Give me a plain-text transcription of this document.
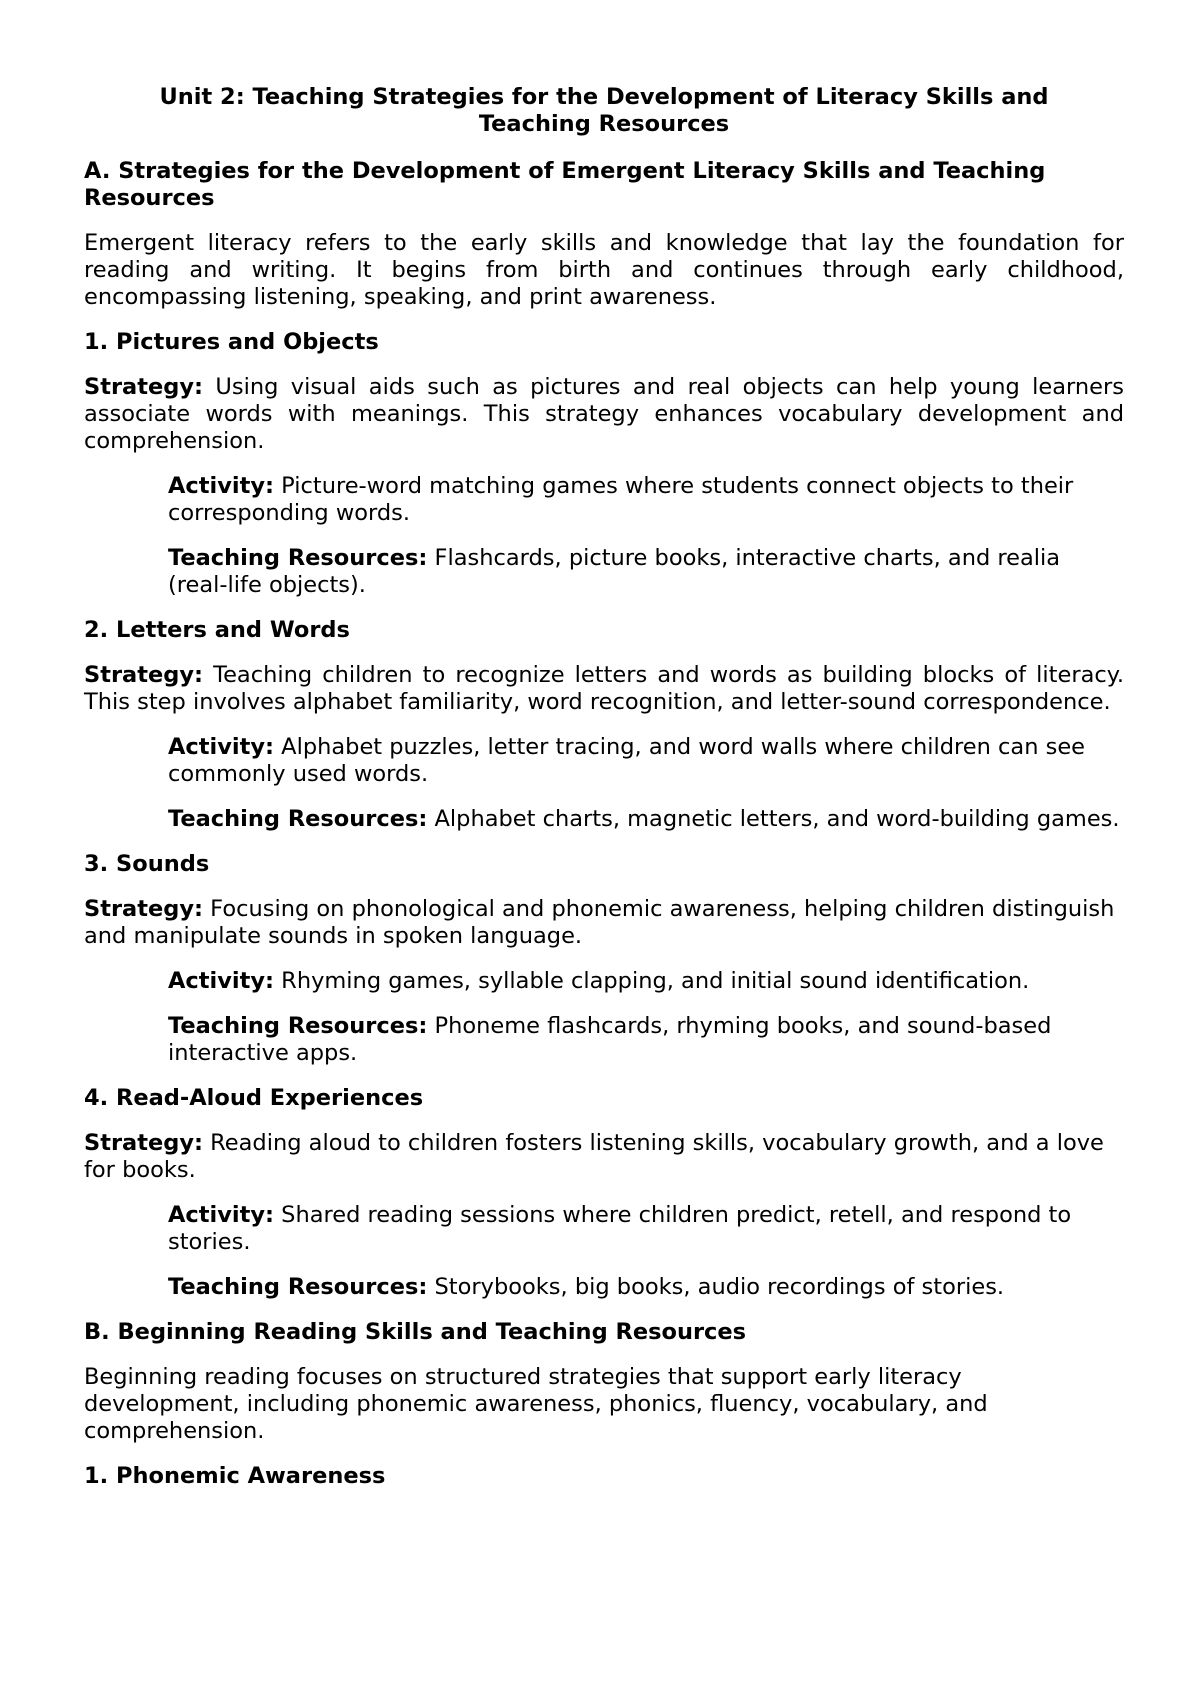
Unit 2: Teaching Strategies for the Development of Literacy Skills and Teaching Resources
A. Strategies for the Development of Emergent Literacy Skills and Teaching Resources
Emergent literacy refers to the early skills and knowledge that lay the foundation for reading and writing. It begins from birth and continues through early childhood, encompassing listening, speaking, and print awareness.
1. Pictures and Objects
Strategy: Using visual aids such as pictures and real objects can help young learners associate words with meanings. This strategy enhances vocabulary development and comprehension.
Activity: Picture-word matching games where students connect objects to their corresponding words.
Teaching Resources: Flashcards, picture books, interactive charts, and realia (real-life objects).
2. Letters and Words
Strategy: Teaching children to recognize letters and words as building blocks of literacy. This step involves alphabet familiarity, word recognition, and letter-sound correspondence.
Activity: Alphabet puzzles, letter tracing, and word walls where children can see commonly used words.
Teaching Resources: Alphabet charts, magnetic letters, and word-building games.
3. Sounds
Strategy: Focusing on phonological and phonemic awareness, helping children distinguish and manipulate sounds in spoken language.
Activity: Rhyming games, syllable clapping, and initial sound identification.
Teaching Resources: Phoneme flashcards, rhyming books, and sound-based interactive apps.
4. Read-Aloud Experiences
Strategy: Reading aloud to children fosters listening skills, vocabulary growth, and a love for books.
Activity: Shared reading sessions where children predict, retell, and respond to stories.
Teaching Resources: Storybooks, big books, audio recordings of stories.
B. Beginning Reading Skills and Teaching Resources
Beginning reading focuses on structured strategies that support early literacy development, including phonemic awareness, phonics, fluency, vocabulary, and comprehension.
1. Phonemic Awareness
